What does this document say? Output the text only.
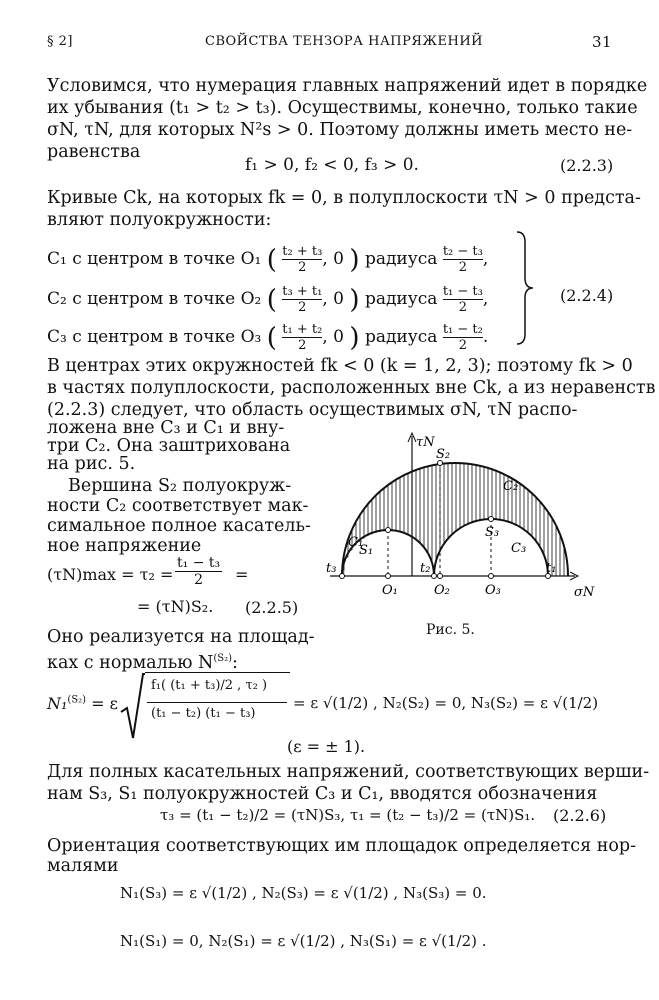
§ 2]	СВОЙСТВА ТЕНЗОРА НАПРЯЖЕНИЙ	31
Условимся, что нумерация главных напряжений идет в порядке
их убывания (t₁ > t₂ > t₃). Осуществимы, конечно, только такие
σN, τN, для которых N²s > 0. Поэтому должны иметь место не-
равенства
f₁ > 0, f₂ < 0, f₃ > 0.	(2.2.3)
Кривые Ck, на которых fk = 0, в полуплоскости τN > 0 предста-
вляют полуокружности:
C₁ с центром в точке O₁ ( $\frac{\text{t₂ + t₃}}{2}$ , 0 ) радиуса $\frac{\text{t₂ − t₃}}{2}$ ,
C₂ с центром в точке O₂ ( $\frac{\text{t₃ + t₁}}{2}$ , 0 ) радиуса $\frac{\text{t₁ − t₃}}{2}$ ,
C₃ с центром в точке O₃ ( $\frac{\text{t₁ + t₂}}{2}$ , 0 ) радиуса $\frac{\text{t₁ − t₂}}{2}$ .
(2.2.4)
В центрах этих окружностей fk < 0 (k = 1, 2, 3); поэтому fk > 0
в частях полуплоскости, расположенных вне Ck, а из неравенств
(2.2.3) следует, что область осуществимых σN, τN распо-
ложена вне C₃ и C₁ и вну-
три C₂. Она заштрихована
на рис. 5.
Вершина S₂ полуокруж-
ности C₂ соответствует мак-
симальное полное касатель-
ное напряжение
$(\tau N)\max = \tau_2 = \frac{\text{t₁ − t₃}}{2}$ =
= (τN)S₂. (2.2.5)
Оно реализуется на площад-
ках с нормалью $N^{(S_2)}$:
τN
σN
S₂
S₁
S₃
C₂
C₁	C₃
t₃	t₂	t₁
O₁	O₂	O₃
Рис. 5.
N₁$^{(S_2)}$ = ε
f₁( (t₁ + t₃)/2 , τ₂ )
(t₁ − t₂) (t₁ − t₃)
= ε √(1/2) , N₂(S₂) = 0, N₃(S₂) = ε √(1/2)
(ε = ± 1).
Для полных касательных напряжений, соответствующих верши-
нам S₃, S₁ полуокружностей C₃ и C₁, вводятся обозначения
τ₃ = (t₁ − t₂)/2 = (τN)S₃, τ₁ = (t₂ − t₃)/2 = (τN)S₁. (2.2.6)
Ориентация соответствующих им площадок определяется нор-
малями
N₁(S₃) = ε √(1/2) , N₂(S₃) = ε √(1/2) , N₃(S₃) = 0.
N₁(S₁) = 0, N₂(S₁) = ε √(1/2) , N₃(S₁) = ε √(1/2) .
